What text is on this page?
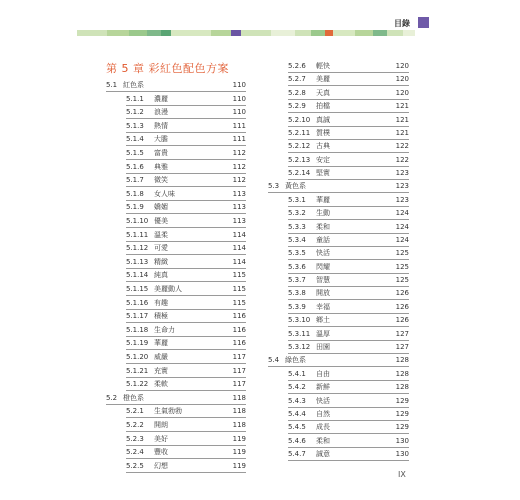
目錄
第 5 章 彩紅色配色方案
5.1 紅色系	110
5.1.1 濃麗	110
5.1.2 浪漫	110
5.1.3 熱情	111
5.1.4 大膽	111
5.1.5 富貴	112
5.1.6 典雅	112
5.1.7 微笑	112
5.1.8 女人味	113
5.1.9 嬌媚	113
5.1.10 優美	113
5.1.11 溫柔	114
5.1.12 可愛	114
5.1.13 精緻	114
5.1.14 純真	115
5.1.15 美麗動人	115
5.1.16 有趣	115
5.1.17 積極	116
5.1.18 生命力	116
5.1.19 華麗	116
5.1.20 威嚴	117
5.1.21 充實	117
5.1.22 柔軟	117
5.2 橙色系	118
5.2.1 生氣勃勃	118
5.2.2 開朗	118
5.2.3 美好	119
5.2.4 豐收	119
5.2.5 幻想	119
5.2.6 輕快	120
5.2.7 美麗	120
5.2.8 天真	120
5.2.9 拍檔	121
5.2.10 真誠	121
5.2.11 質樸	121
5.2.12 古典	122
5.2.13 安定	122
5.2.14 堅實	123
5.3 黃色系	123
5.3.1 華麗	123
5.3.2 生動	124
5.3.3 柔和	124
5.3.4 童話	124
5.3.5 快活	125
5.3.6 閃耀	125
5.3.7 智慧	125
5.3.8 開放	126
5.3.9 幸福	126
5.3.10 鄉土	126
5.3.11 溫厚	127
5.3.12 田園	127
5.4 綠色系	128
5.4.1 自由	128
5.4.2 新鮮	128
5.4.3 快活	129
5.4.4 自然	129
5.4.5 成長	129
5.4.6 柔和	130
5.4.7 誠意	130
IX
